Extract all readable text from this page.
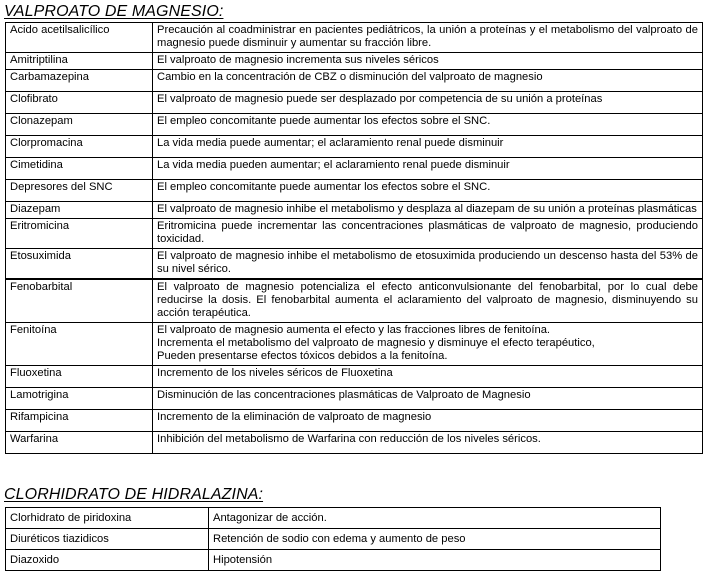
VALPROATO DE MAGNESIO:
Acido acetilsalicílico	Precaución al coadministrar en pacientes pediátricos, la unión a proteínas y el metabolismo del valproato de magnesio puede disminuir y aumentar su fracción libre.
Amitriptilina	El valproato de magnesio incrementa sus niveles séricos
Carbamazepina	Cambio en la concentración de CBZ o disminución del valproato de magnesio
Clofibrato	El valproato de magnesio puede ser desplazado por competencia de su unión a proteínas
Clonazepam	El empleo concomitante puede aumentar los efectos sobre el SNC.
Clorpromacina	La vida media puede aumentar; el aclaramiento renal puede disminuir
Cimetidina	La vida media pueden aumentar; el aclaramiento renal puede disminuir
Depresores del SNC	El empleo concomitante puede aumentar los efectos sobre el SNC.
Diazepam	El valproato de magnesio inhibe el metabolismo y desplaza al diazepam de su unión a proteínas plasmáticas
Eritromicina	Eritromicina puede incrementar las concentraciones plasmáticas de valproato de magnesio, produciendo toxicidad.
Etosuximida	El valproato de magnesio inhibe el metabolismo de etosuximida produciendo un descenso hasta del 53% de su nivel sérico.

Fenobarbital	El valproato de magnesio potencializa el efecto anticonvulsionante del fenobarbital, por lo cual debe reducirse la dosis. El fenobarbital aumenta el aclaramiento del valproato de magnesio, disminuyendo su acción terapéutica.
Fenitoína	El valproato de magnesio aumenta el efecto y las fracciones libres de fenitoína.
Incrementa el metabolismo del valproato de magnesio y disminuye el efecto terapéutico,
Pueden presentarse efectos tóxicos debidos a la fenitoína.

Fluoxetina	Incremento de los niveles séricos de Fluoxetina
Lamotrigina	Disminución de las concentraciones plasmáticas de Valproato de Magnesio
Rifampicina	Incremento de la eliminación de valproato de magnesio
Warfarina	Inhibición del metabolismo de Warfarina con reducción de los niveles séricos.
CLORHIDRATO DE HIDRALAZINA:
Clorhidrato de piridoxina	Antagonizar de acción.
Diuréticos tiazidicos	Retención de sodio con edema y aumento de peso
Diazoxido	Hipotensión
